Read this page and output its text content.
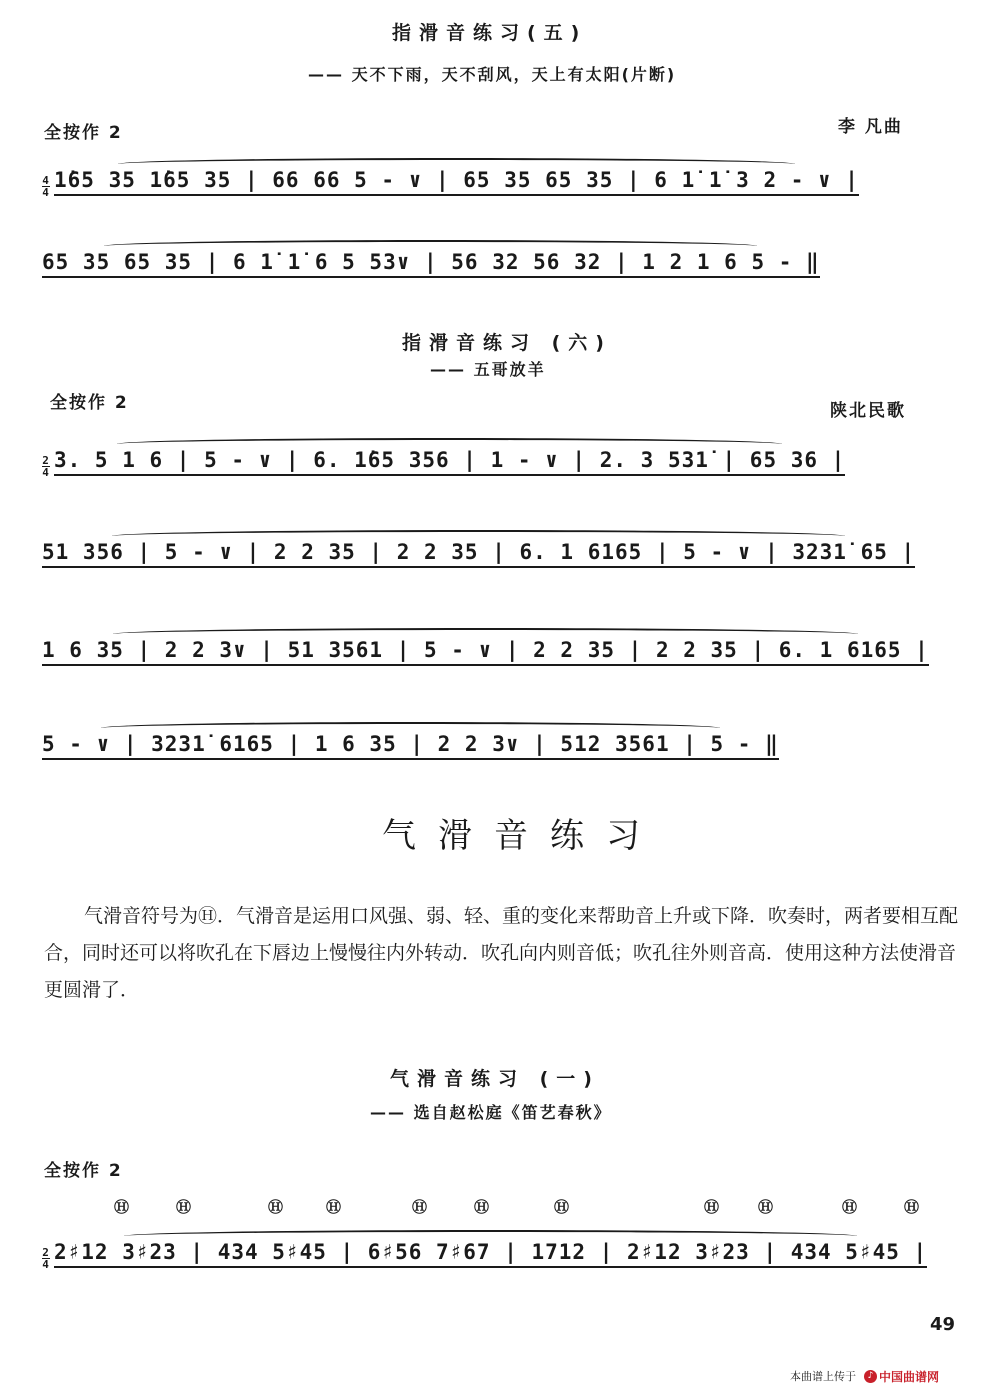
指滑音练习(五)
—— 天不下雨，天不刮风，天上有太阳(片断)
全按作 2	李 凡曲
4
4
1̇65 35 1̇65 35 | 66 66 5 - ∨ | 65 35 65 35 | 6 1̇ 1̇ 3 2 - ∨ |
65 35 65 35 | 6 1̇ 1̇ 6 5 53∨ | 56 32 56 32 | 1 2 1 6 5 - ‖
指滑音练习 (六)
—— 五哥放羊
全按作 2	陕北民歌
2
4
3. 5 1 6 | 5 - ∨ | 6. 1̇65 356 | 1 - ∨ | 2. 3 531̇ | 65 36 |
51 356 | 5 - ∨ | 2 2 35 | 2 2 35 | 6. 1 6165 | 5 - ∨ | 3231̇ 65 |
1 6 35 | 2 2 3∨ | 51 3561 | 5 - ∨ | 2 2 35 | 2 2 35 | 6. 1 6165 |
5 - ∨ | 3231̇ 6165 | 1 6 35 | 2 2 3∨ | 512 3561 | 5 - ‖
气滑音练习
气滑音符号为Ⓗ．气滑音是运用口风强、弱、轻、重的变化来帮助音上升或下降．吹奏时，两者要相互配合，同时还可以将吹孔在下唇边上慢慢往内外转动．吹孔向内则音低；吹孔往外则音高．使用这种方法使滑音更圆滑了．
气滑音练习 (一)
—— 选自赵松庭《笛艺春秋》
全按作 2
Ⓗ	Ⓗ	Ⓗ	Ⓗ	Ⓗ	Ⓗ	Ⓗ	Ⓗ	Ⓗ	Ⓗ	Ⓗ
2
4
2♯12 3♯23 | 434 5♯45 | 6♯56 7♯67 | 1712 | 2♯12 3♯23 | 434 5♯45 |
49
本曲谱上传于	♪ 中国曲谱网
